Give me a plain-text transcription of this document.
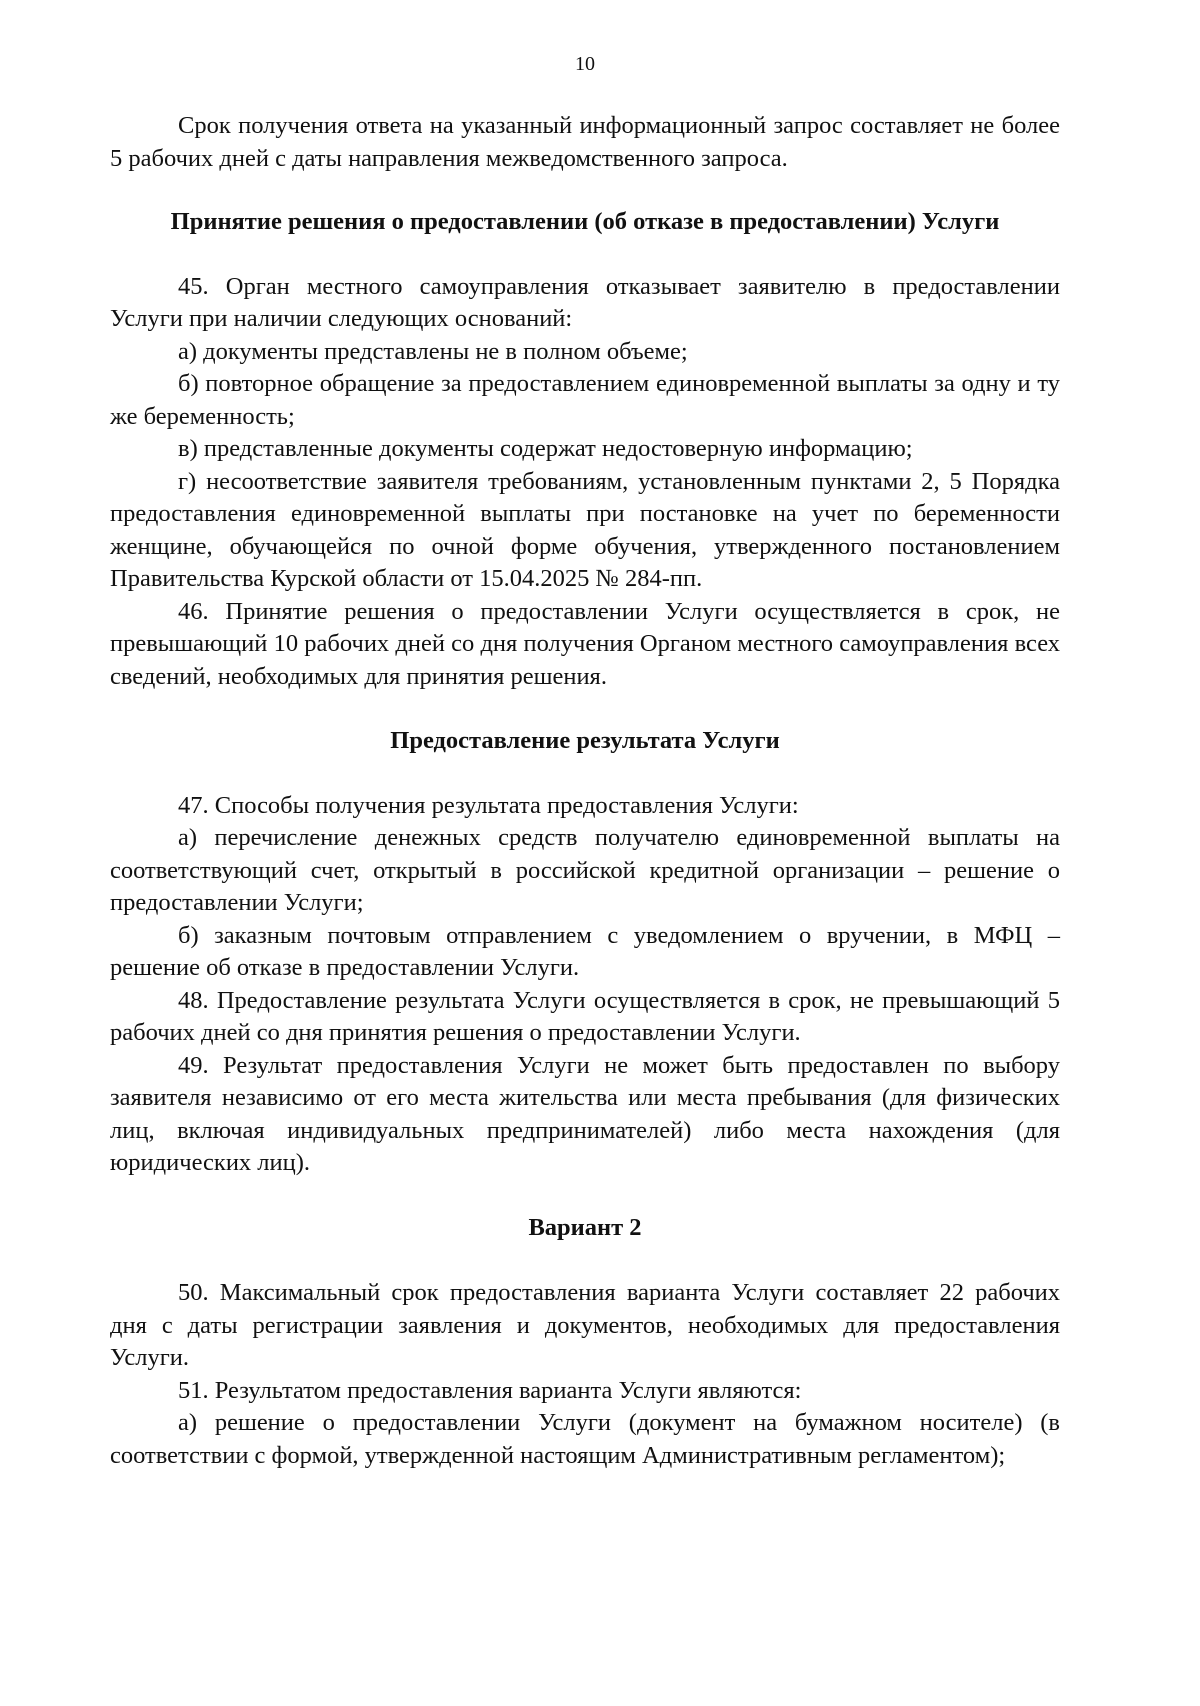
10

Срок получения ответа на указанный информационный запрос составляет не более 5 рабочих дней с даты направления межведомственного запроса.

Принятие решения о предоставлении (об отказе в предоставлении) Услуги

45. Орган местного самоуправления отказывает заявителю в предоставлении Услуги при наличии следующих оснований:

а) документы представлены не в полном объеме;

б) повторное обращение за предоставлением единовременной выплаты за одну и ту же беременность;

в) представленные документы содержат недостоверную информацию;

г) несоответствие заявителя требованиям, установленным пунктами 2, 5 Порядка предоставления единовременной выплаты при постановке на учет по беременности женщине, обучающейся по очной форме обучения, утвержденного постановлением Правительства Курской области от 15.04.2025 № 284-пп.

46. Принятие решения о предоставлении Услуги осуществляется в срок, не превышающий 10 рабочих дней со дня получения Органом местного самоуправления всех сведений, необходимых для принятия решения.

Предоставление результата Услуги

47. Способы получения результата предоставления Услуги:

а) перечисление денежных средств получателю единовременной выплаты на соответствующий счет, открытый в российской кредитной организации – решение о предоставлении Услуги;

б) заказным почтовым отправлением с уведомлением о вручении, в МФЦ – решение об отказе в предоставлении Услуги.

48. Предоставление результата Услуги осуществляется в срок, не превышающий 5 рабочих дней со дня принятия решения о предоставлении Услуги.

49. Результат предоставления Услуги не может быть предоставлен по выбору заявителя независимо от его места жительства или места пребывания (для физических лиц, включая индивидуальных предпринимателей) либо места нахождения (для юридических лиц).

Вариант 2

50. Максимальный срок предоставления варианта Услуги составляет 22 рабочих дня с даты регистрации заявления и документов, необходимых для предоставления Услуги.

51. Результатом предоставления варианта Услуги являются:

а) решение о предоставлении Услуги (документ на бумажном носителе) (в соответствии с формой, утвержденной настоящим Административным регламентом);
